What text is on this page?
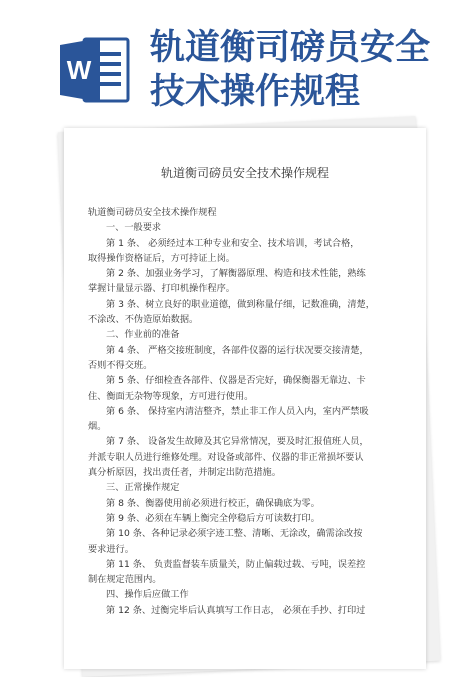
W
轨道衡司磅员安全
技术操作规程
轨道衡司磅员安全技术操作规程

轨道衡司磅员安全技术操作规程

一、一般要求

第 1 条、 必须经过本工种专业和安全、技术培训，考试合格，

取得操作资格证后，方可持证上岗。

第 2 条、加强业务学习，了解衡器原理、构造和技术性能，熟练

掌握计量显示器、打印机操作程序。

第 3 条、树立良好的职业道德，做到称量仔细，记数准确，清楚，

不涂改、不伪造原始数据。

二、作业前的准备

第 4 条、 严格交接班制度，各部件仪器的运行状况要交接清楚，

否则不得交班。

第 5 条、仔细检查各部件、仪器是否完好，确保衡器无靠边、卡

住、衡面无杂物等现象，方可进行使用。

第 6 条、 保持室内清洁整齐，禁止非工作人员入内，室内严禁吸

烟。

第 7 条、 设备发生故障及其它异常情况，要及时汇报值班人员，

并派专职人员进行维修处理。对设备或部件、仪器的非正常损坏要认

真分析原因，找出责任者，并制定出防范措施。

三、正常操作规定

第 8 条、衡器使用前必须进行校正，确保确底为零。

第 9 条、必须在车辆上衡完全停稳后方可读数打印。

第 10 条、各种记录必须字迹工整、清晰、无涂改，确需涂改按

要求进行。

第 11 条、 负责监督装车质量关，防止偏载过载、亏吨，误差控

制在规定范围内。

四、操作后应做工作

第 12 条、过衡完毕后认真填写工作日志， 必须在手抄、打印过
